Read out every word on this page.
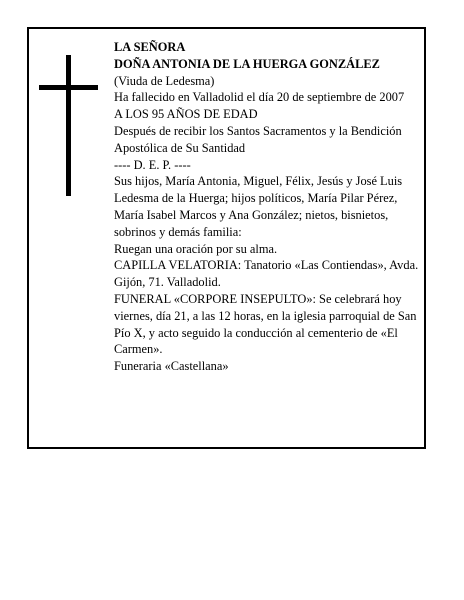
LA SEÑORA
DOÑA ANTONIA DE LA HUERGA GONZÁLEZ
(Viuda de Ledesma)
Ha fallecido en Valladolid el día 20 de septiembre de 2007
A LOS 95 AÑOS DE EDAD
Después de recibir los Santos Sacramentos y la Bendición Apostólica de Su Santidad
---- D. E. P. ----
Sus hijos, María Antonia, Miguel, Félix, Jesús y José Luis Ledesma de la Huerga; hijos políticos, María Pilar Pérez, María Isabel Marcos y Ana González; nietos, bisnietos, sobrinos y demás familia:
Ruegan una oración por su alma.
CAPILLA VELATORIA: Tanatorio «Las Contiendas», Avda. Gijón, 71. Valladolid.
FUNERAL «CORPORE INSEPULTO»: Se celebrará hoy viernes, día 21, a las 12 horas, en la iglesia parroquial de San Pío X, y acto seguido la conducción al cementerio de «El Carmen».
Funeraria «Castellana»
